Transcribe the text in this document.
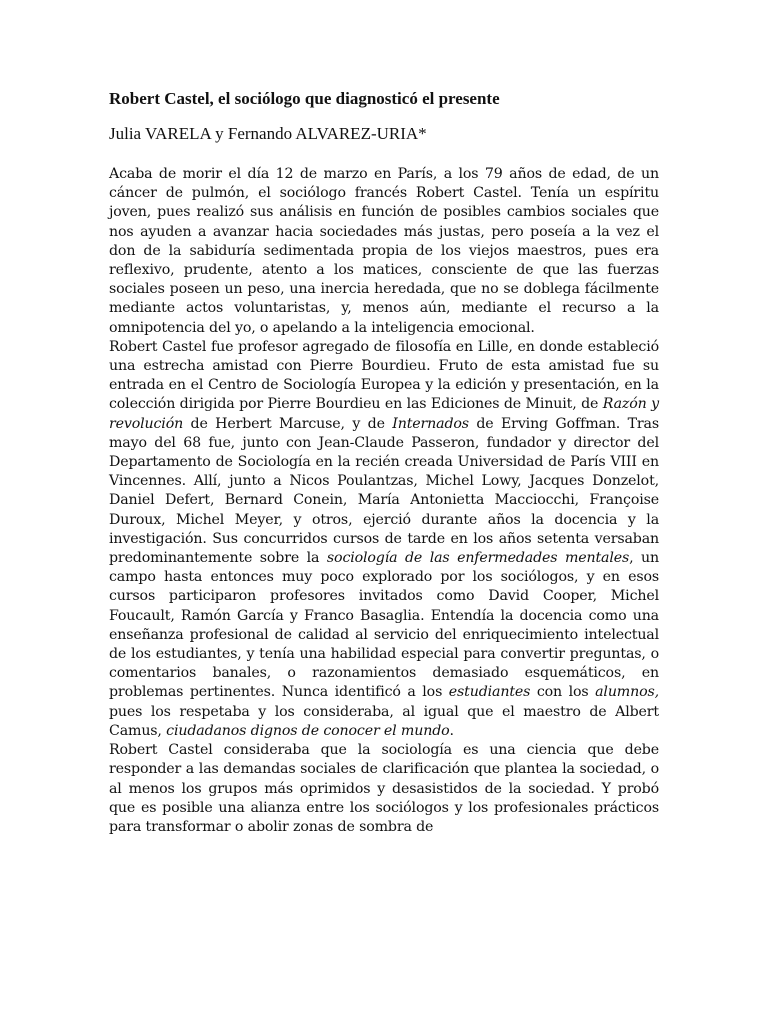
Robert Castel, el sociólogo que diagnosticó el presente
Julia VARELA y Fernando ALVAREZ-URIA*

Acaba de morir el día 12 de marzo en París, a los 79 años de edad, de un cáncer de pulmón, el sociólogo francés Robert Castel. Tenía un espíritu joven, pues realizó sus análisis en función de posibles cambios sociales que nos ayuden a avanzar hacia sociedades más justas, pero poseía a la vez el don de la sabiduría sedimentada propia de los viejos maestros, pues era reflexivo, prudente, atento a los matices, consciente de que las fuerzas sociales poseen un peso, una inercia heredada, que no se doblega fácilmente mediante actos voluntaristas, y, menos aún, mediante el recurso a la omnipotencia del yo, o apelando a la inteligencia emocional.

Robert Castel fue profesor agregado de filosofía en Lille, en donde estableció una estrecha amistad con Pierre Bourdieu. Fruto de esta amistad fue su entrada en el Centro de Sociología Europea y la edición y presentación, en la colección dirigida por Pierre Bourdieu en las Ediciones de Minuit, de Razón y revolución de Herbert Marcuse, y de Internados de Erving Goffman. Tras mayo del 68 fue, junto con Jean-Claude Passeron, fundador y director del Departamento de Sociología en la recién creada Universidad de París VIII en Vincennes. Allí, junto a Nicos Poulantzas, Michel Lowy, Jacques Donzelot, Daniel Defert, Bernard Conein, María Antonietta Macciocchi, Françoise Duroux, Michel Meyer, y otros, ejerció durante años la docencia y la investigación. Sus concurridos cursos de tarde en los años setenta versaban predominantemente sobre la sociología de las enfermedades mentales, un campo hasta entonces muy poco explorado por los sociólogos, y en esos cursos participaron profesores invitados como David Cooper, Michel Foucault, Ramón García y Franco Basaglia. Entendía la docencia como una enseñanza profesional de calidad al servicio del enriquecimiento intelectual de los estudiantes, y tenía una habilidad especial para convertir preguntas, o comentarios banales, o razonamientos demasiado esquemáticos, en problemas pertinentes. Nunca identificó a los estudiantes con los alumnos, pues los respetaba y los consideraba, al igual que el maestro de Albert Camus, ciudadanos dignos de conocer el mundo.

Robert Castel consideraba que la sociología es una ciencia que debe responder a las demandas sociales de clarificación que plantea la sociedad, o al menos los grupos más oprimidos y desasistidos de la sociedad. Y probó que es posible una alianza entre los sociólogos y los profesionales prácticos para transformar o abolir zonas de sombra de
